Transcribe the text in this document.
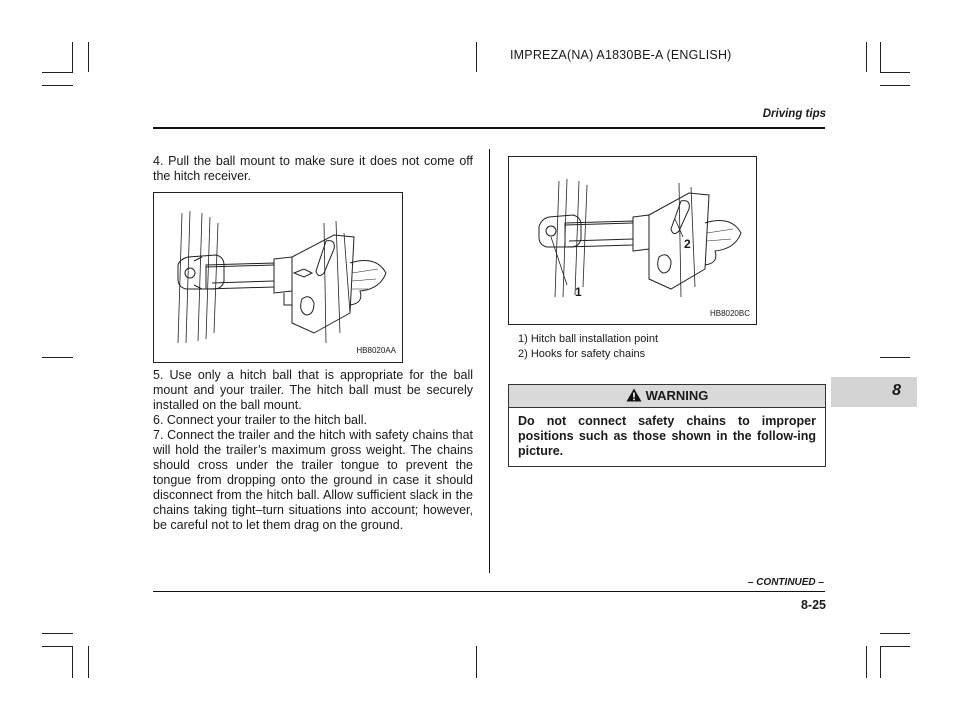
IMPREZA(NA) A1830BE-A (ENGLISH)
Driving tips

4. Pull the ball mount to make sure it does not come off the hitch receiver.

HB8020AA

5. Use only a hitch ball that is appropriate for the ball mount and your trailer. The hitch ball must be securely installed on the ball mount.

6. Connect your trailer to the hitch ball.

7. Connect the trailer and the hitch with safety chains that will hold the trailer’s maximum gross weight. The chains should cross under the trailer tongue to prevent the tongue from dropping onto the ground in case it should disconnect from the hitch ball. Allow sufficient slack in the chains taking tight–turn situations into account; however, be careful not to let them drag on the ground.

1
2
HB8020BC
1) Hitch ball installation point
2) Hooks for safety chains
WARNING
Do not connect safety chains to improper positions such as those shown in the follow-ing picture.
8
– CONTINUED –
8-25
